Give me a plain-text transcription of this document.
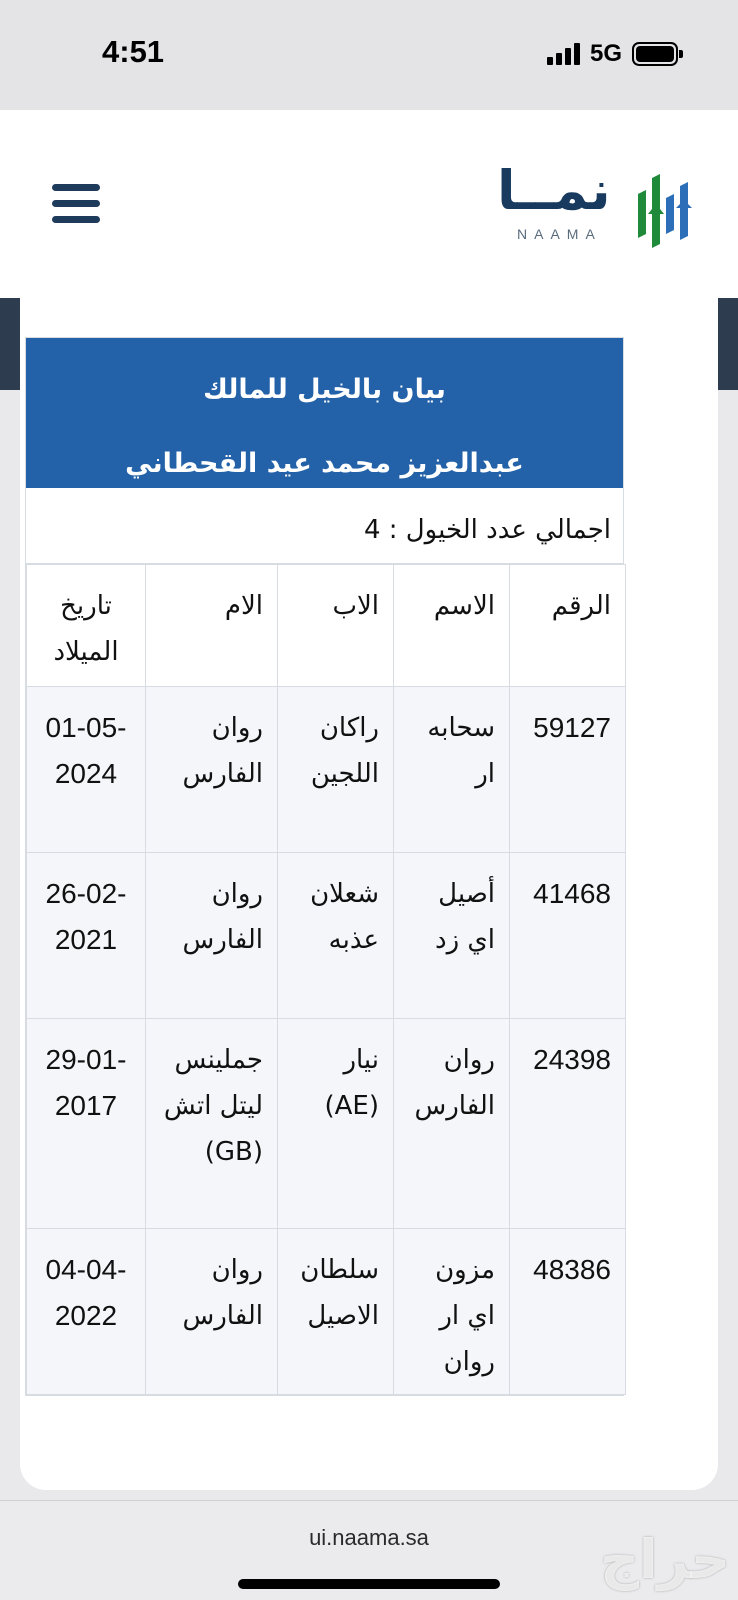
4:51	5G
نمــا
NAAMA
بيان بالخيل للمالك
عبدالعزيز محمد عيد القحطاني
اجمالي عدد الخيول : 4
الرقم	الاسم	الاب	الام	تاريخ الميلاد
59127	سحابه ار	راكان اللجين	روان الفارس	01-05-2024
41468	أصيل اي زد	شعلان عذبه	روان الفارس	26-02-2021
24398	روان الفارس	نيار (AE)	جملينس ليتل اتش (GB)	29-01-2017
48386	مزون اي ار روان	سلطان الاصيل	روان الفارس	04-04-2022
ui.naama.sa	حراج
